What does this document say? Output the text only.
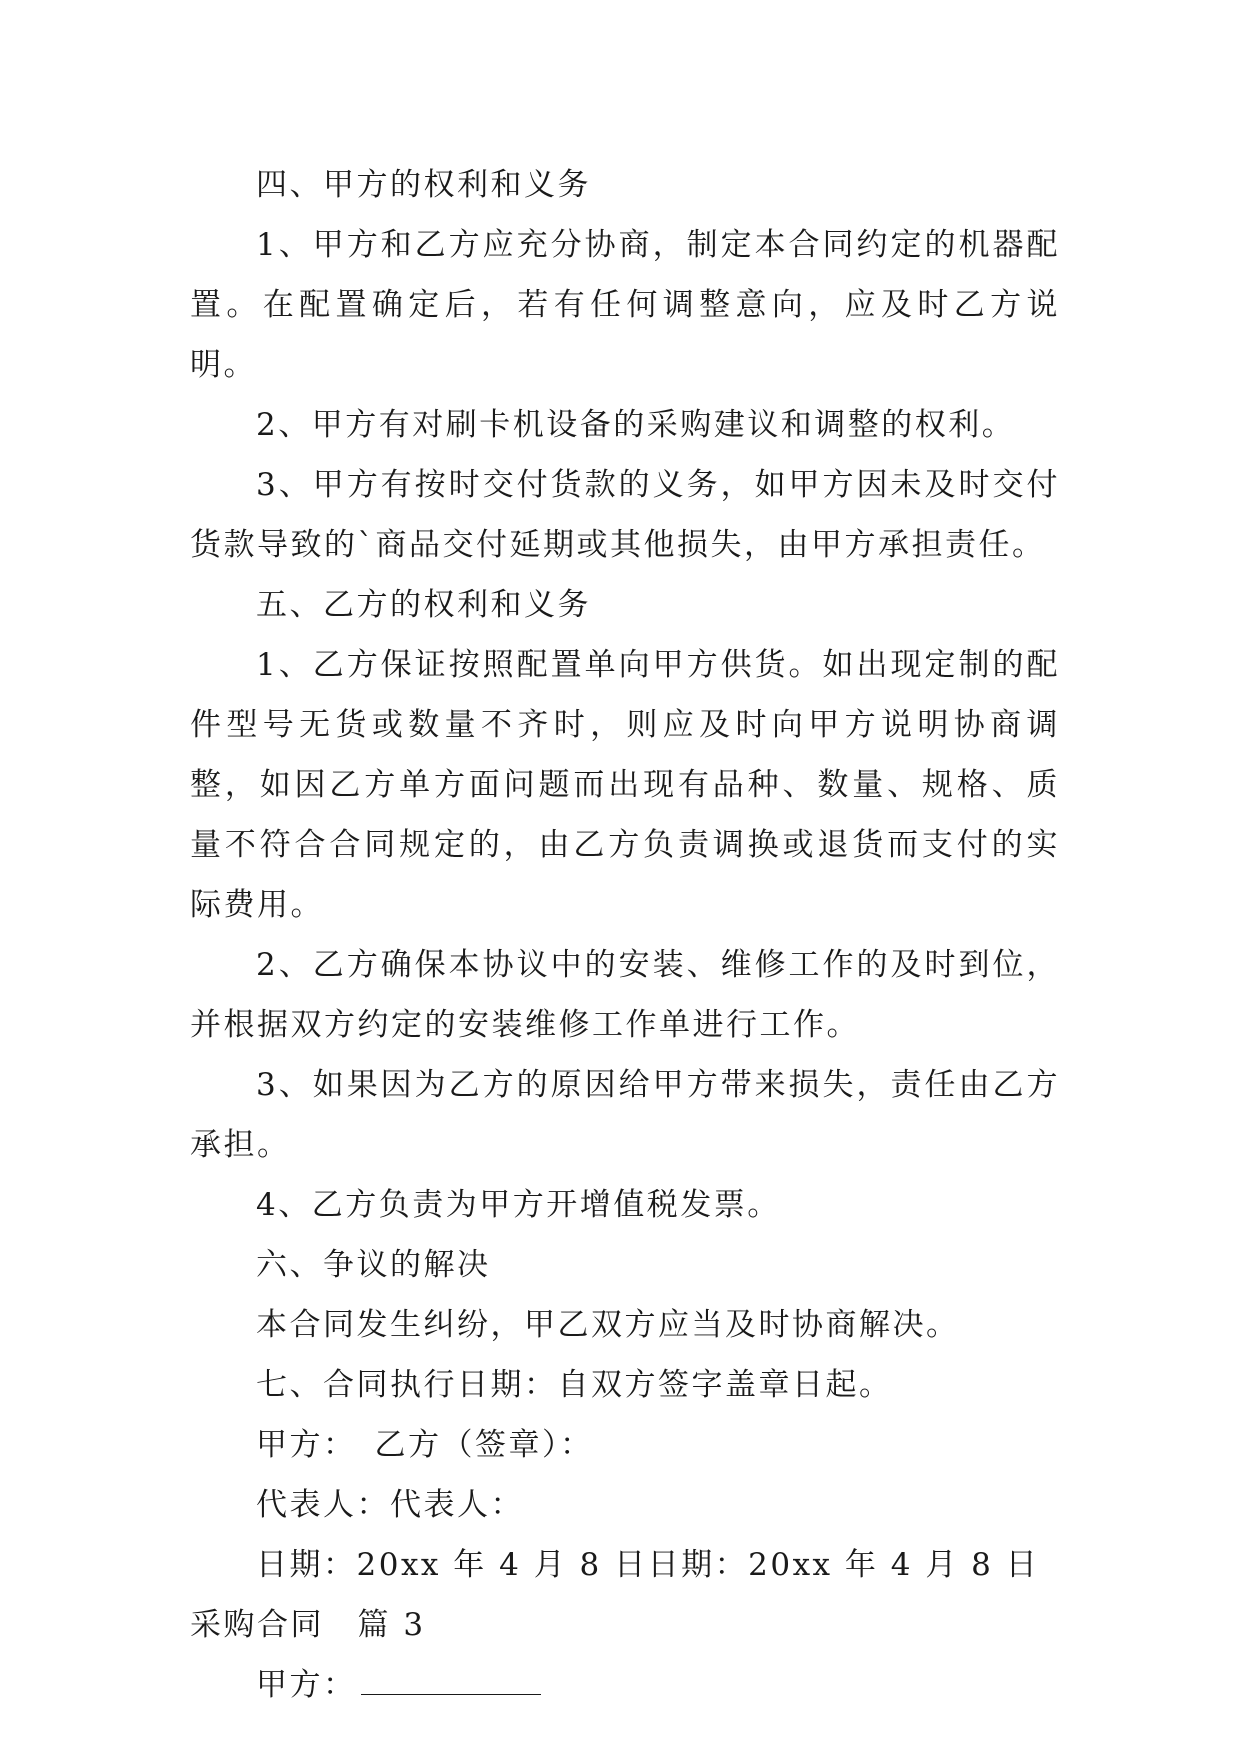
四、甲方的权利和义务

1、甲方和乙方应充分协商，制定本合同约定的机器配置。在配置确定后，若有任何调整意向，应及时乙方说明。

2、甲方有对刷卡机设备的采购建议和调整的权利。

3、甲方有按时交付货款的义务，如甲方因未及时交付货款导致的`商品交付延期或其他损失，由甲方承担责任。

五、乙方的权利和义务

1、乙方保证按照配置单向甲方供货。如出现定制的配件型号无货或数量不齐时，则应及时向甲方说明协商调整，如因乙方单方面问题而出现有品种、数量、规格、质量不符合合同规定的，由乙方负责调换或退货而支付的实际费用。

2、乙方确保本协议中的安装、维修工作的及时到位，并根据双方约定的安装维修工作单进行工作。

3、如果因为乙方的原因给甲方带来损失，责任由乙方承担。

4、乙方负责为甲方开增值税发票。

六、争议的解决

本合同发生纠纷，甲乙双方应当及时协商解决。

七、合同执行日期：自双方签字盖章日起。

甲方：　乙方（签章）：

代表人：代表人：

日期：20xx 年 4 月 8 日日期：20xx 年 4 月 8 日

采购合同　篇 3

甲方：
